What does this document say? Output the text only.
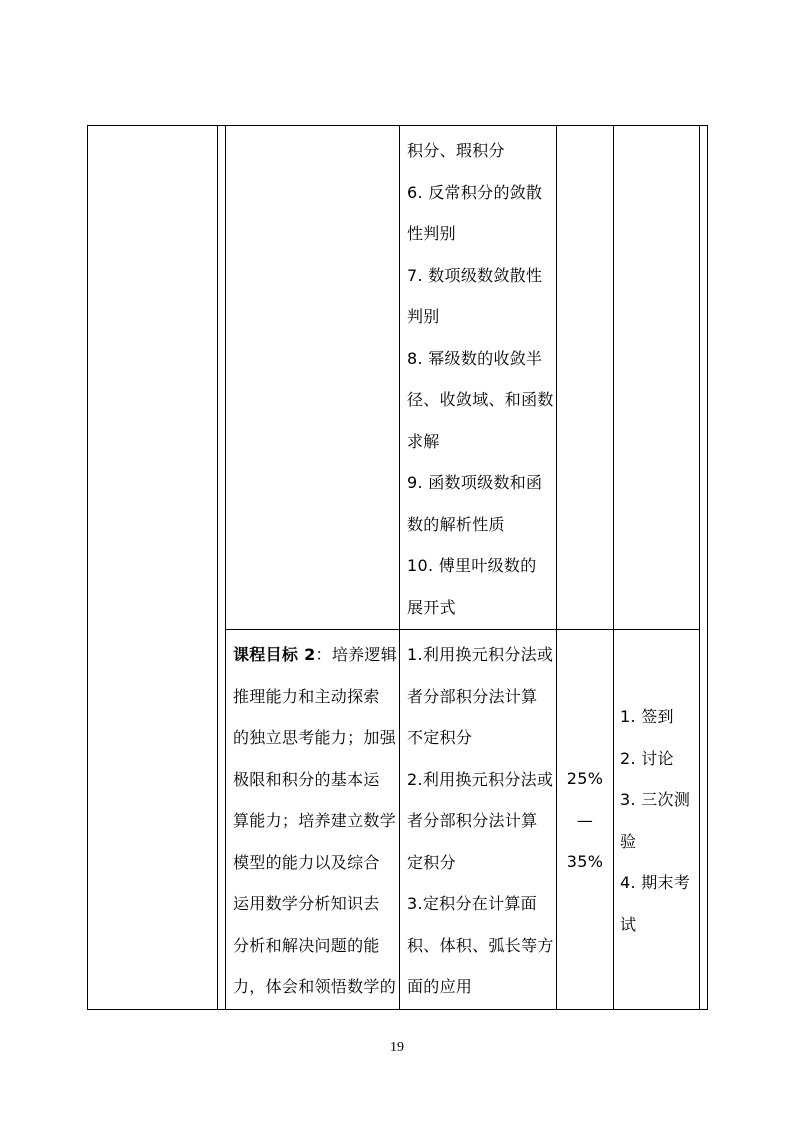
积分、瑕积分
6. 反常积分的敛散
性判别
7. 数项级数敛散性
判别
8. 幂级数的收敛半
径、收敛域、和函数
求解
9. 函数项级数和函
数的解析性质
10. 傅里叶级数的
展开式
课程目标 2：培养逻辑
推理能力和主动探索
的独立思考能力；加强
极限和积分的基本运
算能力；培养建立数学
模型的能力以及综合
运用数学分析知识去
分析和解决问题的能
力，体会和领悟数学的
1.利用换元积分法或
者分部积分法计算
不定积分
2.利用换元积分法或
者分部积分法计算
定积分
3.定积分在计算面
积、体积、弧长等方
面的应用
25%
—
35%
1. 签到
2. 讨论
3. 三次测
验
4. 期末考
试
19
